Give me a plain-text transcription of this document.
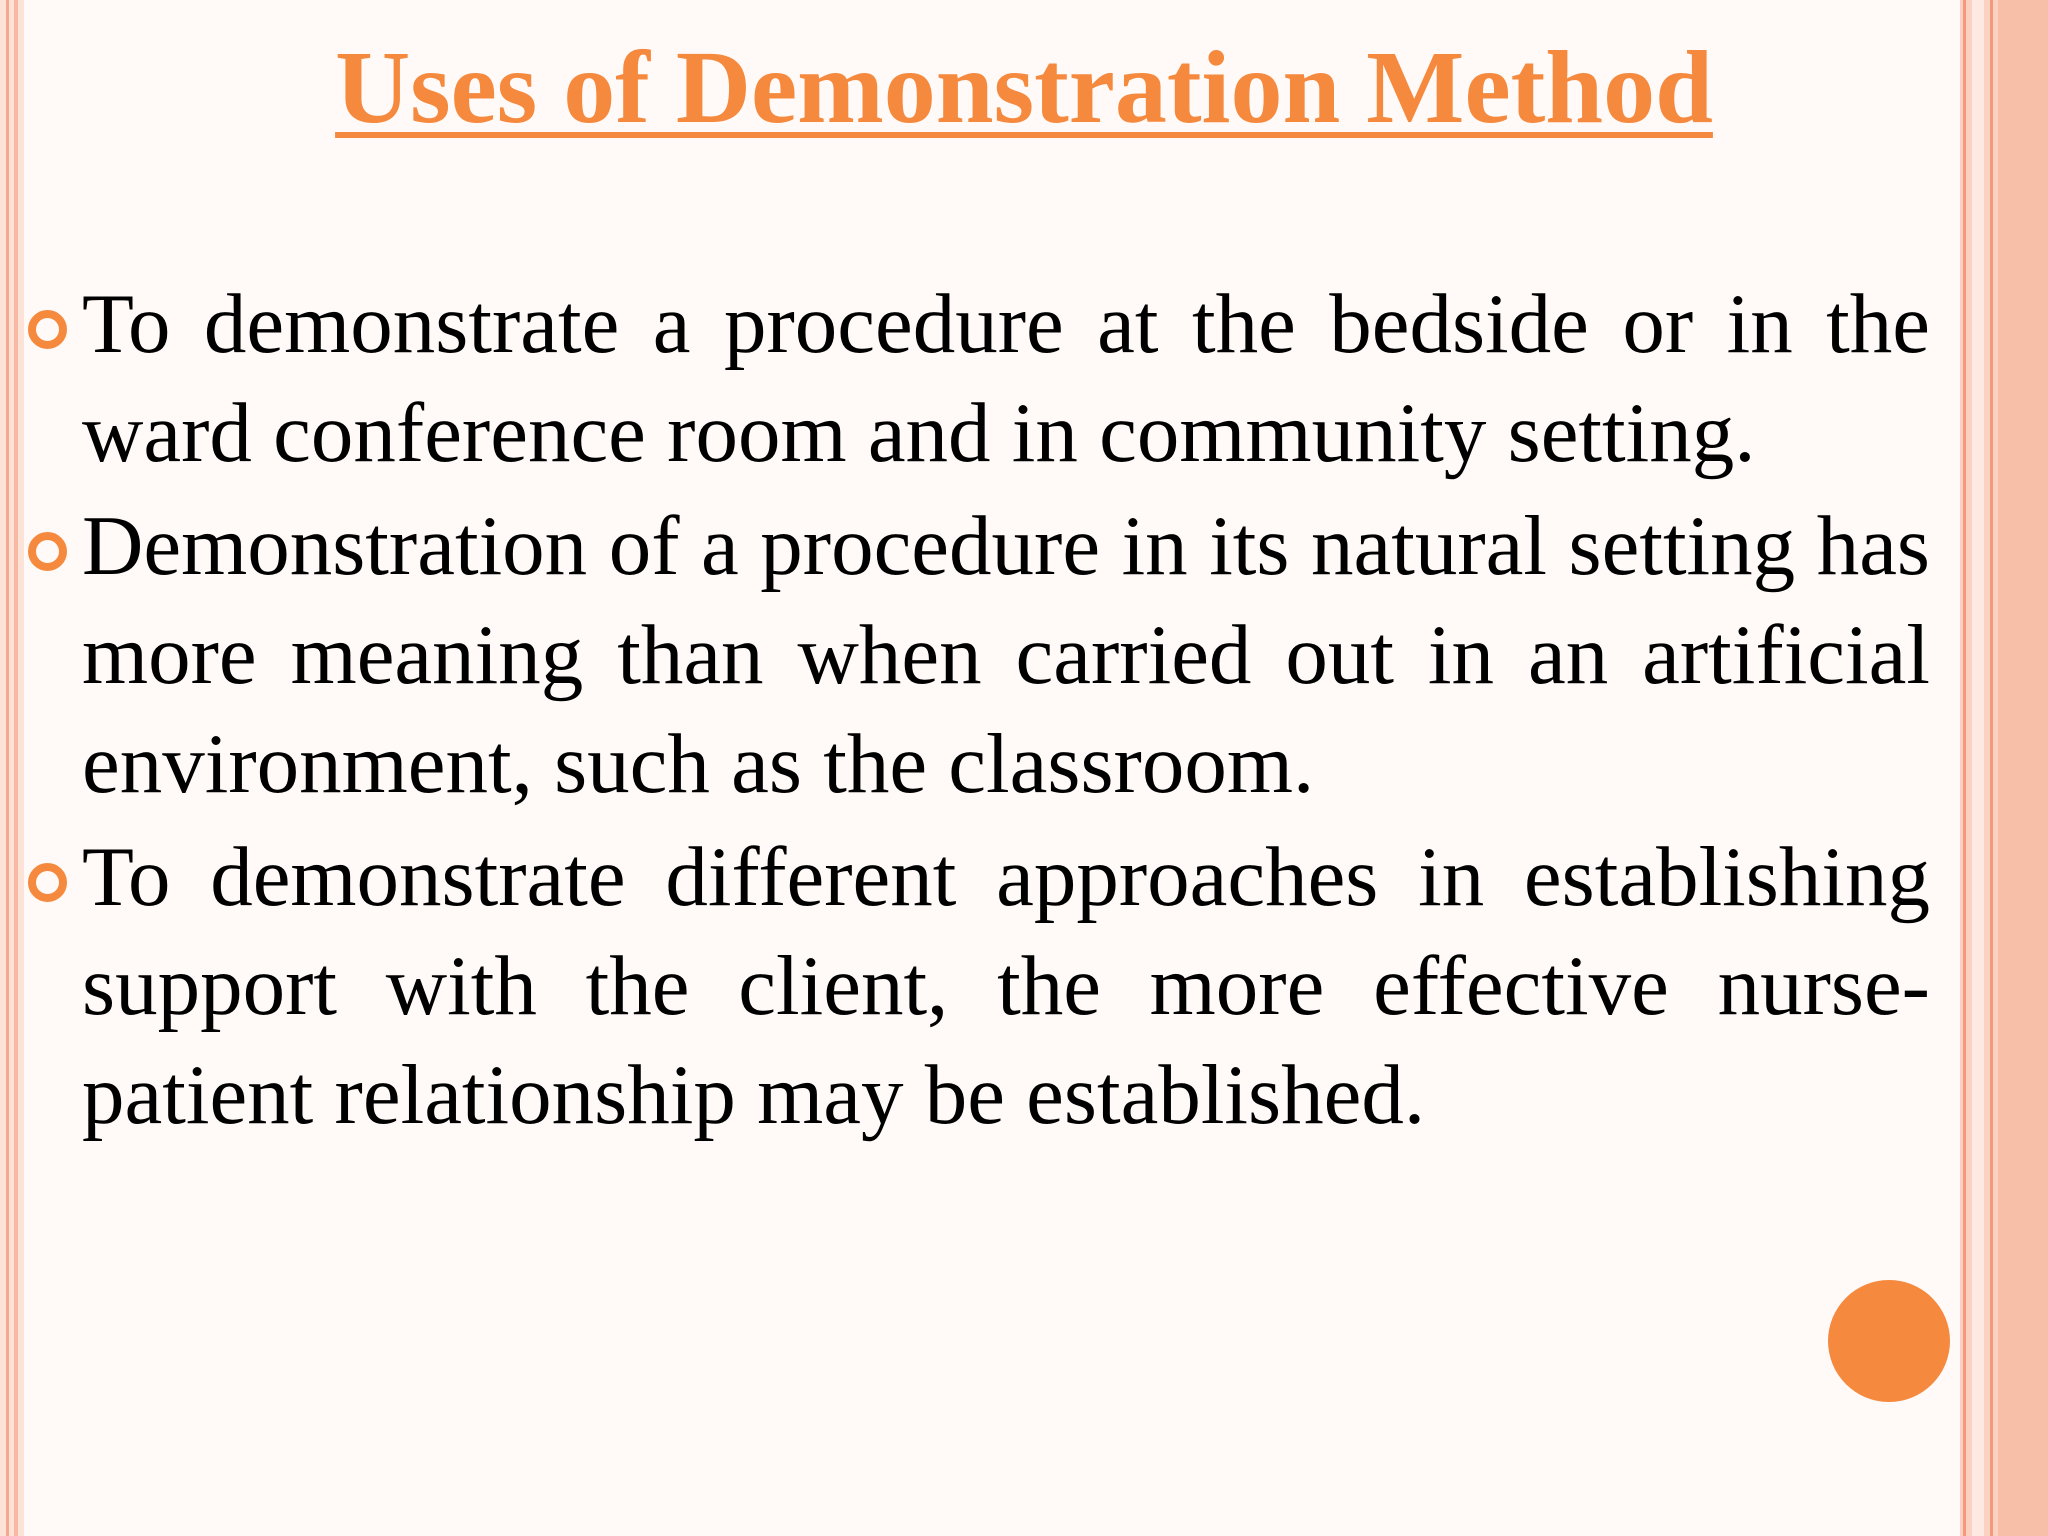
Uses of Demonstration Method
To demonstrate a procedure at the bedside or in the ward conference room and in community setting.
Demonstration of a procedure in its natural setting has more meaning than when carried out in an artificial environment, such as the classroom.
To demonstrate different approaches in establishing support with the client, the more effective nurse-patient relationship may be established.
